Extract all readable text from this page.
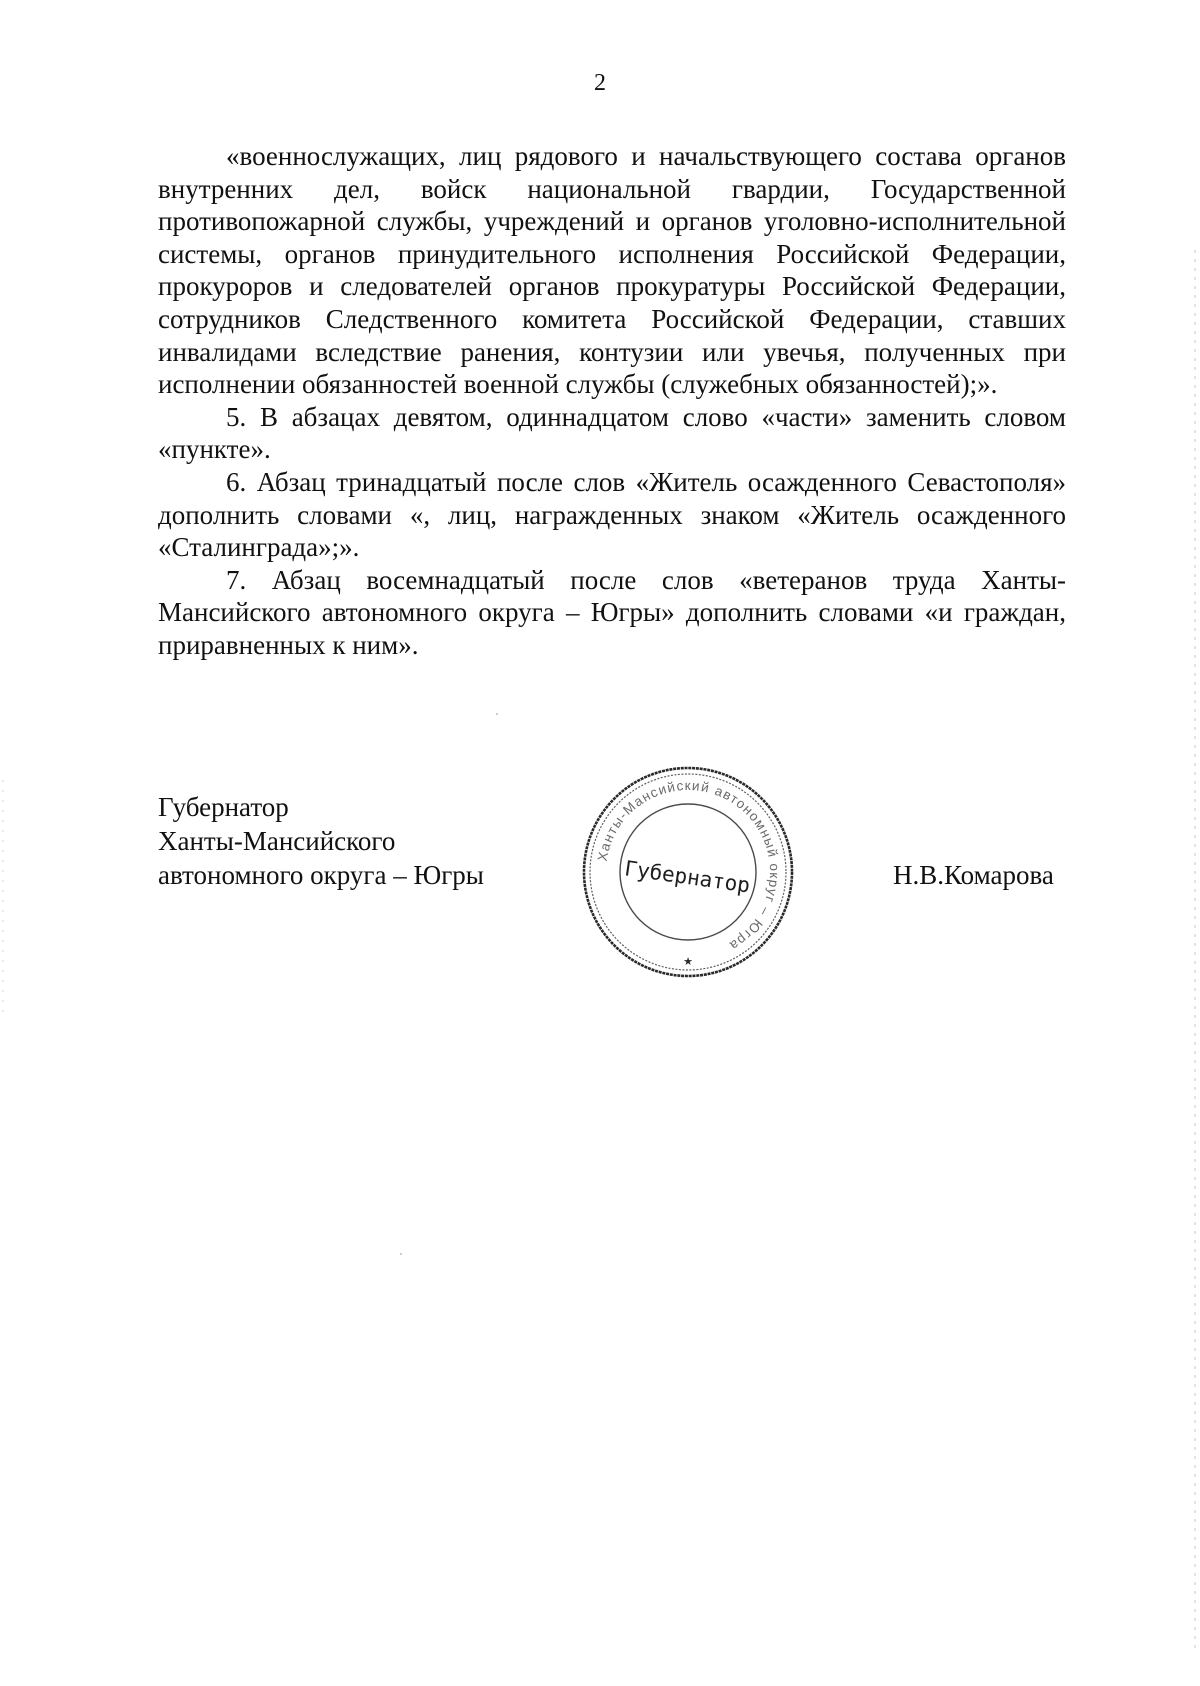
2

«военнослужащих, лиц рядового и начальствующего состава органов внутренних дел, войск национальной гвардии, Государственной противопожарной службы, учреждений и органов уголовно-исполнительной системы, органов принудительного исполнения Российской Федерации, прокуроров и следователей органов прокуратуры Российской Федерации, сотрудников Следственного комитета Российской Федерации, ставших инвалидами вследствие ранения, контузии или увечья, полученных при исполнении обязанностей военной службы (служебных обязанностей);».

5. В абзацах девятом, одиннадцатом слово «части» заменить словом «пункте».

6. Абзац тринадцатый после слов «Житель осажденного Севастополя» дополнить словами «, лиц, награжденных знаком «Житель осажденного «Сталинграда»;».

7. Абзац восемнадцатый после слов «ветеранов труда Ханты-Мансийского автономного округа – Югры» дополнить словами «и граждан, приравненных к ним».

Губернатор
Ханты-Мансийского
автономного округа – Югры
Ханты-Мансийский автономный округ – Югра
Губернатор
★
Н.В.Комарова
